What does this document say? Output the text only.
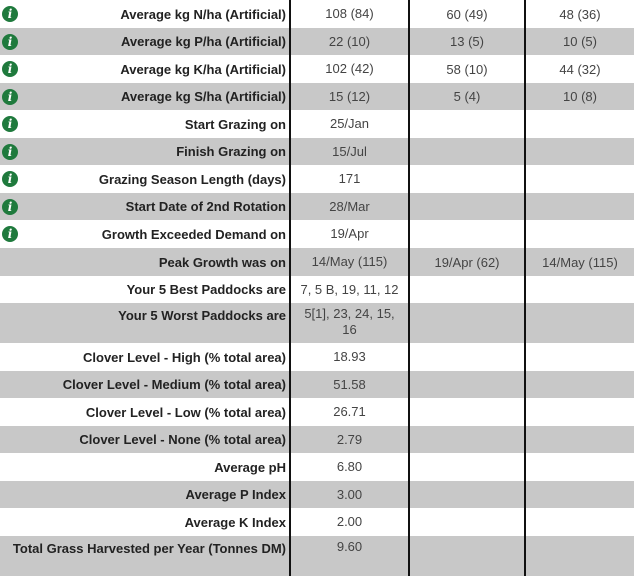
i	Average kg N/ha (Artificial)	108 (84)	60 (49)	48 (36)
i	Average kg P/ha (Artificial)	22 (10)	13 (5)	10 (5)
i	Average kg K/ha (Artificial)	102 (42)	58 (10)	44 (32)
i	Average kg S/ha (Artificial)	15 (12)	5 (4)	10 (8)
i	Start Grazing on	25/Jan		
i	Finish Grazing on	15/Jul		
i	Grazing Season Length (days)	171		
i	Start Date of 2nd Rotation	28/Mar		
i	Growth Exceeded Demand on	19/Apr		
	Peak Growth was on	14/May (115)	19/Apr (62)	14/May (115)
	Your 5 Best Paddocks are	7, 5 B, 19, 11, 12		
	Your 5 Worst Paddocks are	5[1], 23, 24, 15, 16		
Clover Level - High (% total area)		18.93		
Clover Level - Medium (% total area)		51.58		
Clover Level - Low (% total area)		26.71		
Clover Level - None (% total area)		2.79		
Average pH		6.80		
Average P Index		3.00		
Average K Index		2.00		
Total Grass Harvested per Year (Tonnes DM)		9.60		
